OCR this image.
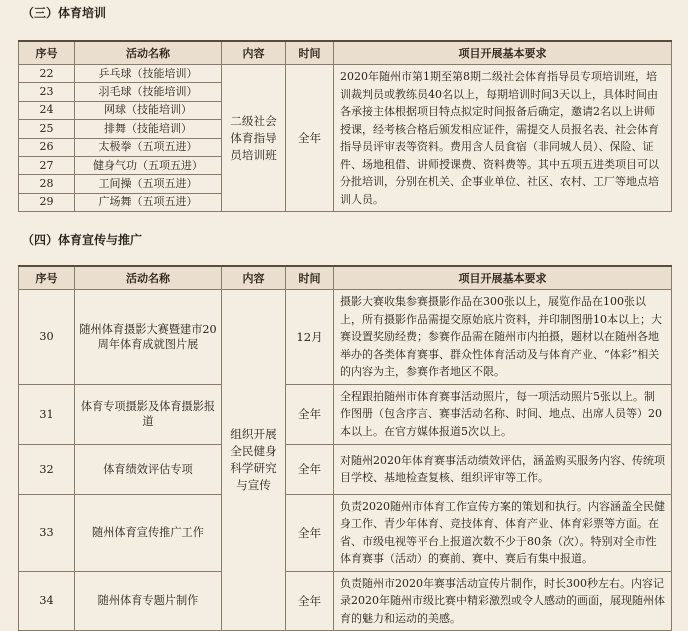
（三）体育培训
序号	活动名称	内容	时间	项目开展基本要求
22	乒乓球（技能培训）	二级社会体育指导员培训班	全年	2020年随州市第1期至第8期二级社会体育指导员专项培训班，培训裁判员或教练员40名以上，每期培训时间3天以上，具体时间由各承接主体根据项目特点拟定时间报备后确定，邀请2名以上讲师授课，经考核合格后颁发相应证件，需提交人员报名表、社会体育指导员评审表等资料。费用含人员食宿（非同城人员）、保险、证件、场地租借、讲师授课费、资料费等。其中五项五进类项目可以分批培训，分别在机关、企事业单位、社区、农村、工厂等地点培训人员。
23	羽毛球（技能培训）			
24	网球（技能培训）			
25	排舞（技能培训）			
26	太极拳（五项五进）			
27	健身气功（五项五进）			
28	工间操（五项五进）			
29	广场舞（五项五进）			
（四）体育宣传与推广
序号	活动名称	内容	时间	项目开展基本要求
30	随州体育摄影大赛暨建市20周年体育成就图片展	组织开展全民健身科学研究与宣传	12月	摄影大赛收集参赛摄影作品在300张以上，展览作品在100张以上，所有摄影作品需提交原始底片资料，并印制图册10本以上；大赛设置奖励经费；参赛作品需在随州市内拍摄，题材以在随州各地举办的各类体育赛事、群众性体育活动及与体育产业、“体彩”相关的内容为主，参赛作者地区不限。
31	体育专项摄影及体育摄影报道		全年	全程跟拍随州市体育赛事活动照片，每一项活动照片5张以上。制作图册（包含序言、赛事活动名称、时间、地点、出席人员等）20本以上。在官方媒体报道5次以上。
32	体育绩效评估专项		全年	对随州2020年体育赛事活动绩效评估，涵盖购买服务内容、传统项目学校、基地检查复核、组织评审等工作。
33	随州体育宣传推广工作		全年	负责2020随州市体育工作宣传方案的策划和执行。内容涵盖全民健身工作、青少年体育、竞技体育、体育产业、体育彩票等方面。在省、市级电视等平台上报道次数不少于80条（次）。特别对全市性体育赛事（活动）的赛前、赛中、赛后有集中报道。
34	随州体育专题片制作		全年	负责随州市2020年赛事活动宣传片制作，时长300秒左右。内容记录2020年随州市级比赛中精彩激烈或令人感动的画面，展现随州体育的魅力和运动的美感。
